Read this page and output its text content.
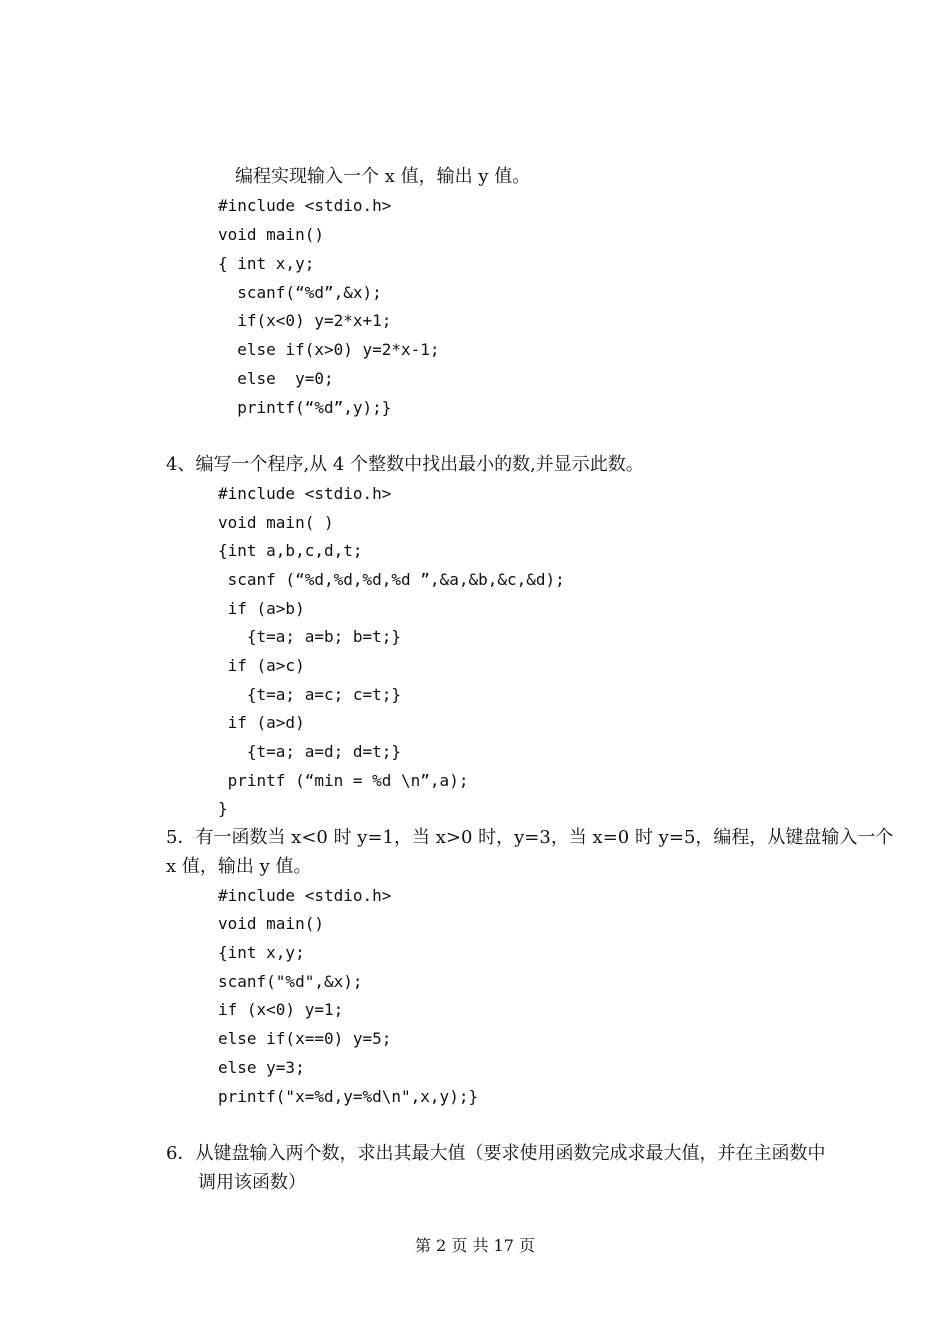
编程实现输入一个 x 值，输出 y 值。
#include <stdio.h>
void main()
{ int x,y;
scanf(“%d”,&x);
if(x<0) y=2*x+1;
else if(x>0) y=2*x-1;
else  y=0;
printf(“%d”,y);}
4、编写一个程序,从 4 个整数中找出最小的数,并显示此数。
#include <stdio.h>
void main( )
{int a,b,c,d,t;
scanf (“%d,%d,%d,%d ”,&a,&b,&c,&d);
if (a>b)
{t=a; a=b; b=t;}
if (a>c)
{t=a; a=c; c=t;}
if (a>d)
{t=a; a=d; d=t;}
printf (“min = %d \n”,a);
}
5．有一函数当 x<0 时 y=1，当 x>0 时，y=3，当 x=0 时 y=5，编程，从键盘输入一个
x 值，输出 y 值。
#include <stdio.h>
void main()
{int x,y;
scanf("%d",&x);
if (x<0) y=1;
else if(x==0) y=5;
else y=3;
printf("x=%d,y=%d\n",x,y);}
6．从键盘输入两个数，求出其最大值（要求使用函数完成求最大值，并在主函数中
调用该函数）
第 2 页 共 17 页
